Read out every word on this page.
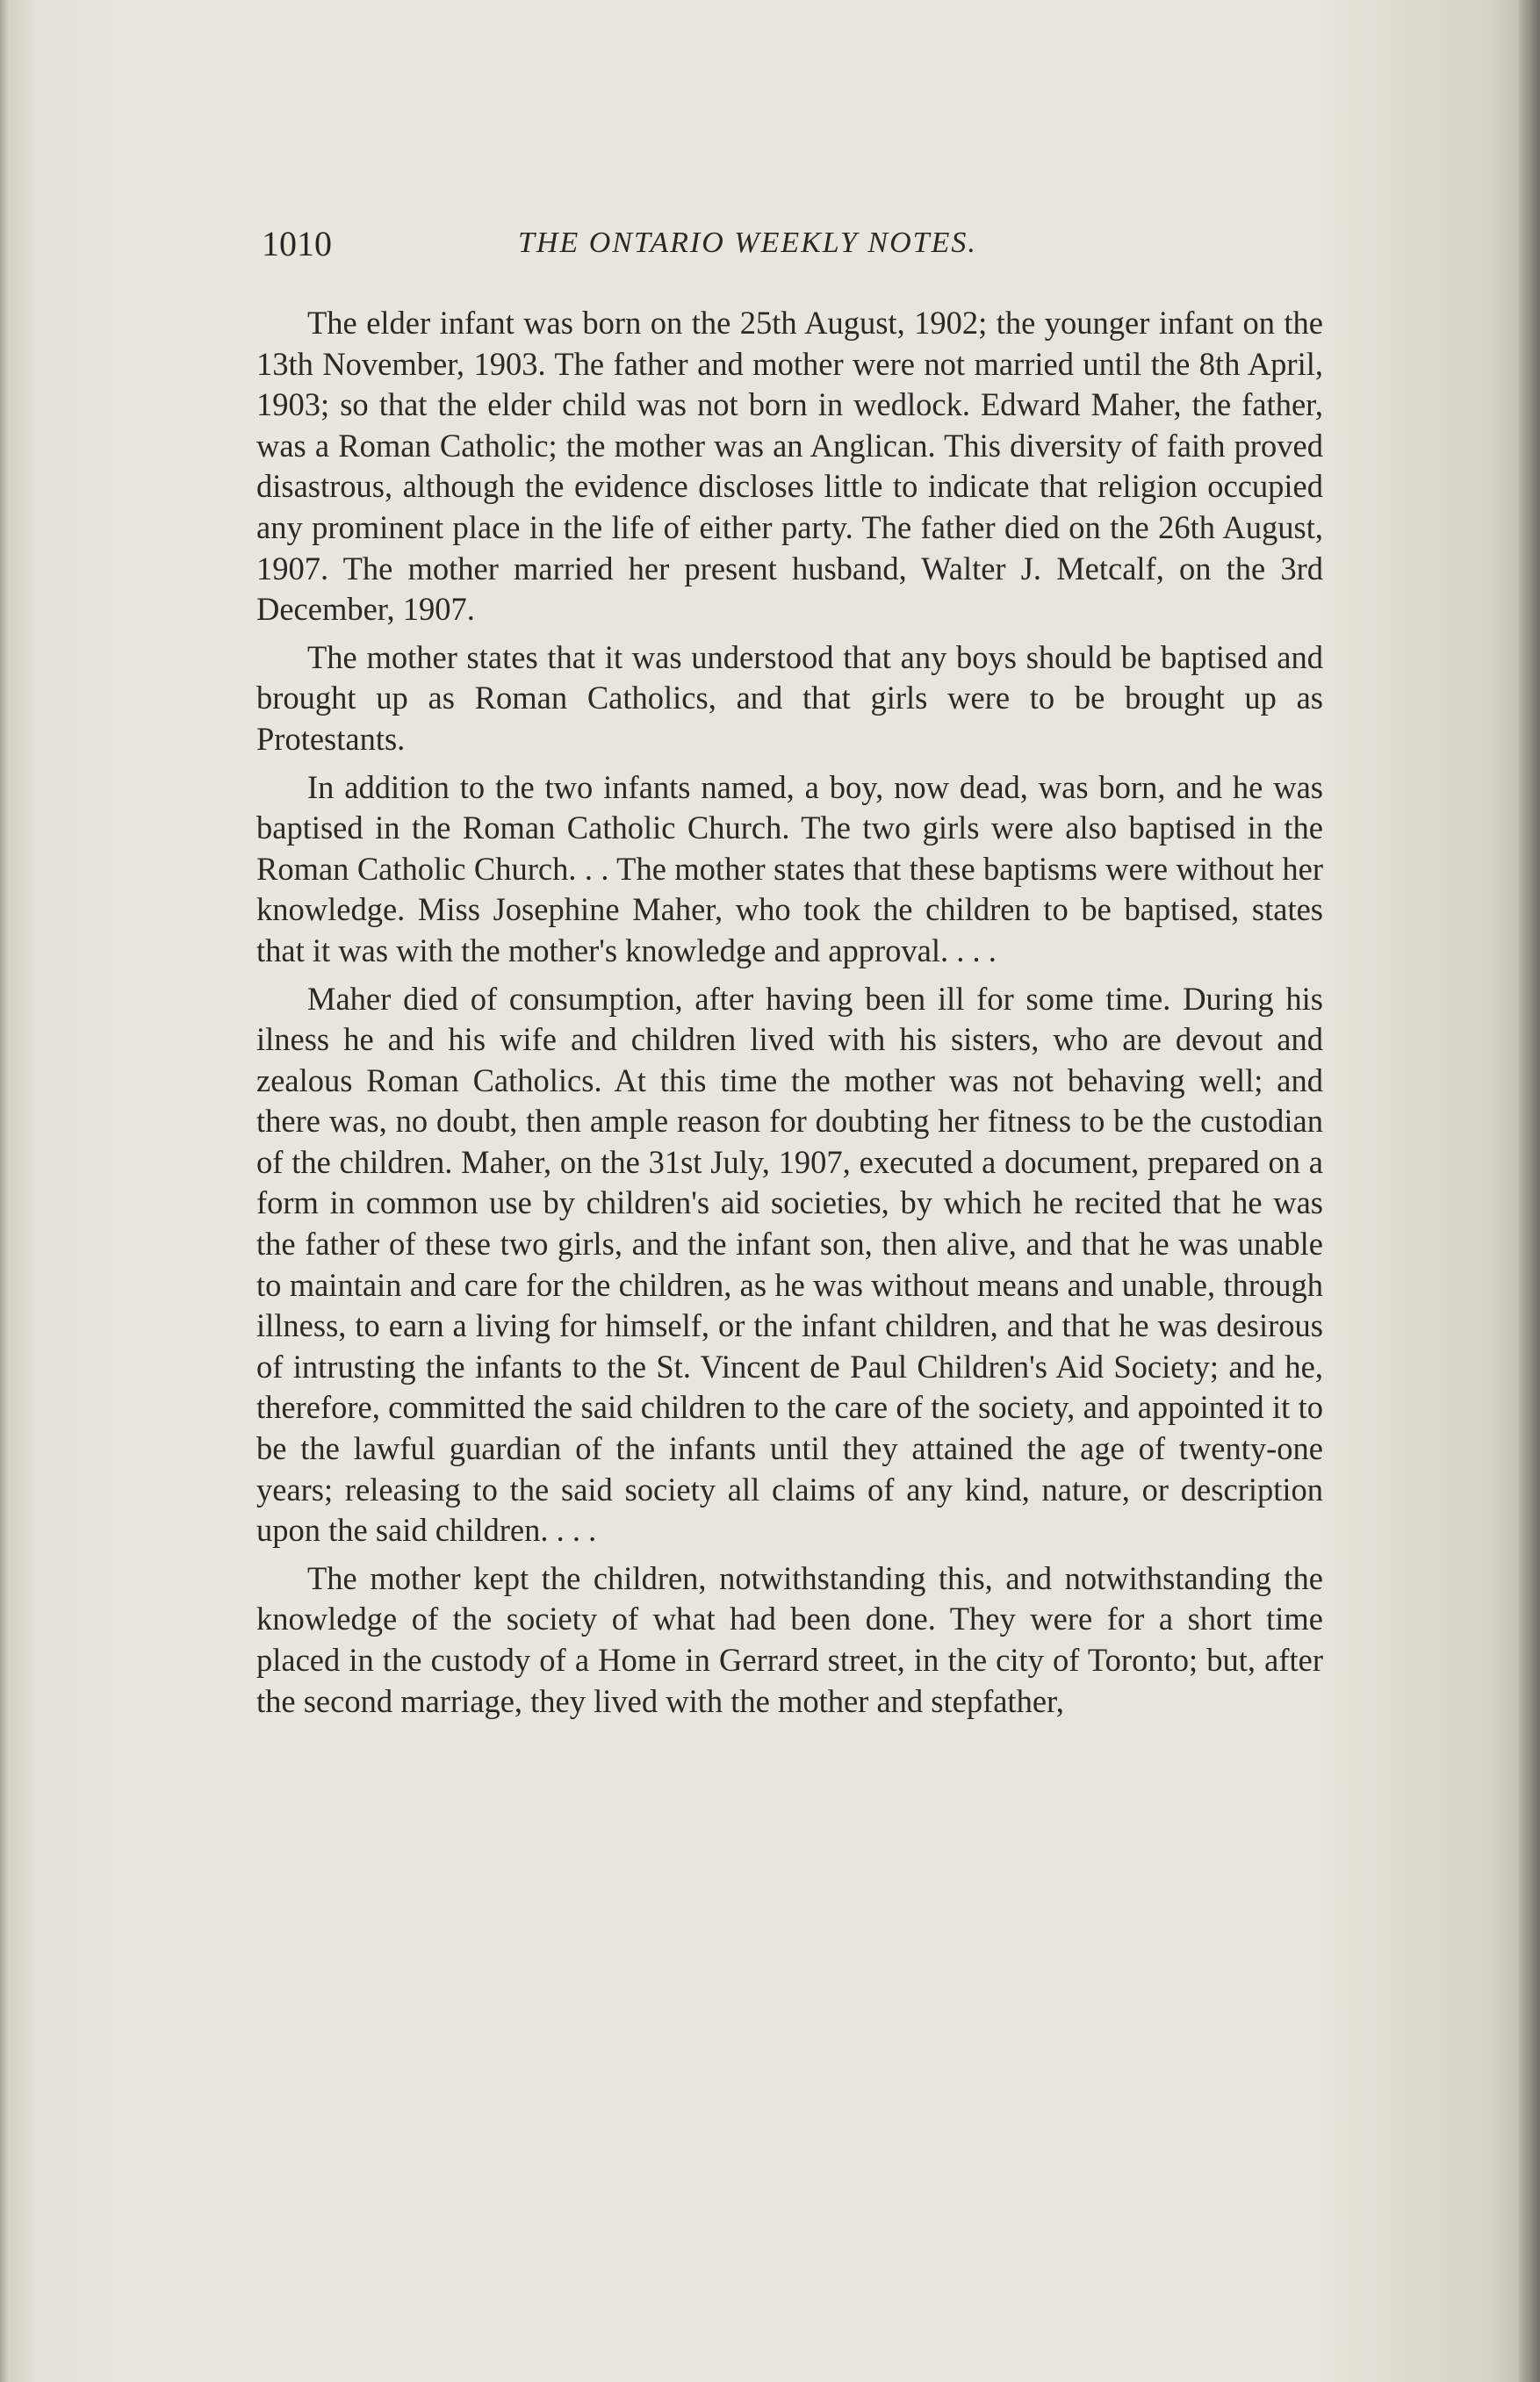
1010	THE ONTARIO WEEKLY NOTES.

The elder infant was born on the 25th August, 1902; the younger infant on the 13th November, 1903. The father and mother were not married until the 8th April, 1903; so that the elder child was not born in wedlock. Edward Maher, the father, was a Roman Catholic; the mother was an Anglican. This diversity of faith proved disastrous, although the evidence discloses little to indicate that religion occupied any prominent place in the life of either party. The father died on the 26th August, 1907. The mother married her present husband, Walter J. Metcalf, on the 3rd December, 1907.

The mother states that it was understood that any boys should be baptised and brought up as Roman Catholics, and that girls were to be brought up as Protestants.

In addition to the two infants named, a boy, now dead, was born, and he was baptised in the Roman Catholic Church. The two girls were also baptised in the Roman Catholic Church. . . The mother states that these baptisms were without her knowledge. Miss Josephine Maher, who took the children to be baptised, states that it was with the mother's knowledge and approval. . . .

Maher died of consumption, after having been ill for some time. During his ilness he and his wife and children lived with his sisters, who are devout and zealous Roman Catholics. At this time the mother was not behaving well; and there was, no doubt, then ample reason for doubting her fitness to be the custodian of the children. Maher, on the 31st July, 1907, executed a document, prepared on a form in common use by children's aid societies, by which he recited that he was the father of these two girls, and the infant son, then alive, and that he was unable to maintain and care for the children, as he was without means and unable, through illness, to earn a living for himself, or the infant children, and that he was desirous of intrusting the infants to the St. Vincent de Paul Children's Aid Society; and he, therefore, committed the said children to the care of the society, and appointed it to be the lawful guardian of the infants until they attained the age of twenty-one years; releasing to the said society all claims of any kind, nature, or description upon the said children. . . .

The mother kept the children, notwithstanding this, and notwithstanding the knowledge of the society of what had been done. They were for a short time placed in the custody of a Home in Gerrard street, in the city of Toronto; but, after the second marriage, they lived with the mother and stepfather,
